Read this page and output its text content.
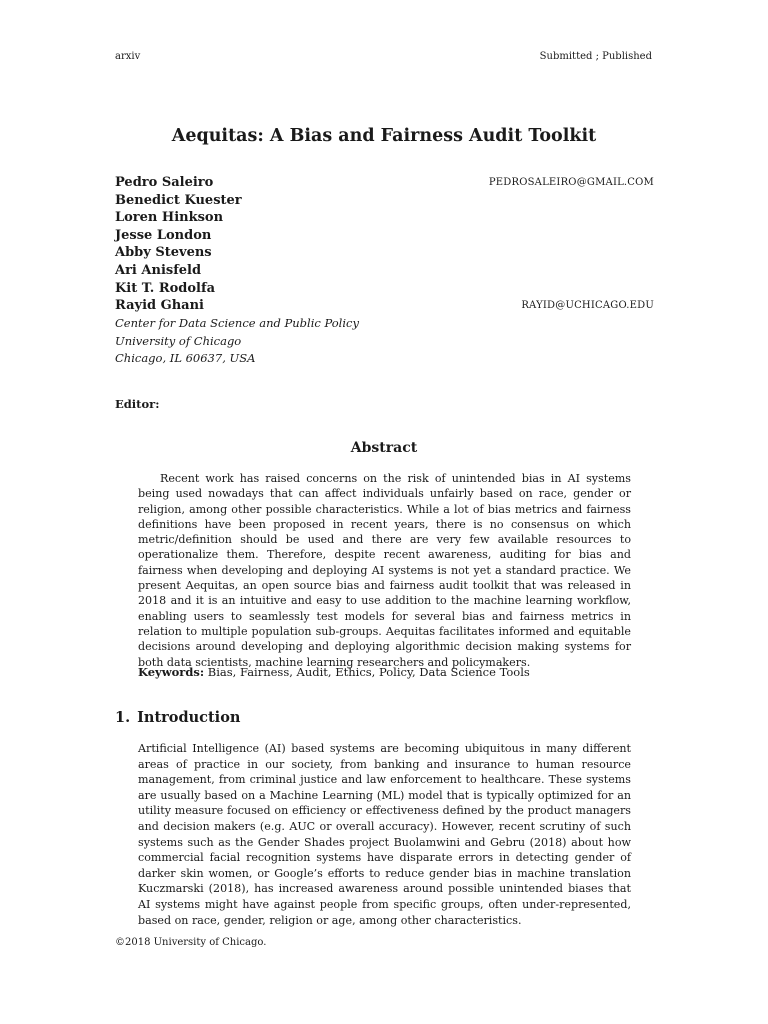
arxiv	Submitted ; Published
Aequitas: A Bias and Fairness Audit Toolkit
Pedro Saleiro
Benedict Kuester
Loren Hinkson
Jesse London
Abby Stevens
Ari Anisfeld
Kit T. Rodolfa
Rayid Ghani
PEDROSALEIRO@GMAIL.COM
RAYID@UCHICAGO.EDU
Center for Data Science and Public Policy
University of Chicago
Chicago, IL 60637, USA
Editor:
Abstract
Recent work has raised concerns on the risk of unintended bias in AI systems being used nowadays that can affect individuals unfairly based on race, gender or religion, among other possible characteristics. While a lot of bias metrics and fairness definitions have been proposed in recent years, there is no consensus on which metric/definition should be used and there are very few available resources to operationalize them. Therefore, despite recent awareness, auditing for bias and fairness when developing and deploying AI systems is not yet a standard practice. We present Aequitas, an open source bias and fairness audit toolkit that was released in 2018 and it is an intuitive and easy to use addition to the machine learning workflow, enabling users to seamlessly test models for several bias and fairness metrics in relation to multiple population sub-groups. Aequitas facilitates informed and equitable decisions around developing and deploying algorithmic decision making systems for both data scientists, machine learning researchers and policymakers.
Keywords: Bias, Fairness, Audit, Ethics, Policy, Data Science Tools
1. Introduction
Artificial Intelligence (AI) based systems are becoming ubiquitous in many different areas of practice in our society, from banking and insurance to human resource management, from criminal justice and law enforcement to healthcare. These systems are usually based on a Machine Learning (ML) model that is typically optimized for an utility measure focused on efficiency or effectiveness defined by the product managers and decision makers (e.g. AUC or overall accuracy). However, recent scrutiny of such systems such as the Gender Shades project Buolamwini and Gebru (2018) about how commercial facial recognition systems have disparate errors in detecting gender of darker skin women, or Google’s efforts to reduce gender bias in machine translation Kuczmarski (2018), has increased awareness around possible unintended biases that AI systems might have against people from specific groups, often under-represented, based on race, gender, religion or age, among other characteristics.
©2018 University of Chicago.
